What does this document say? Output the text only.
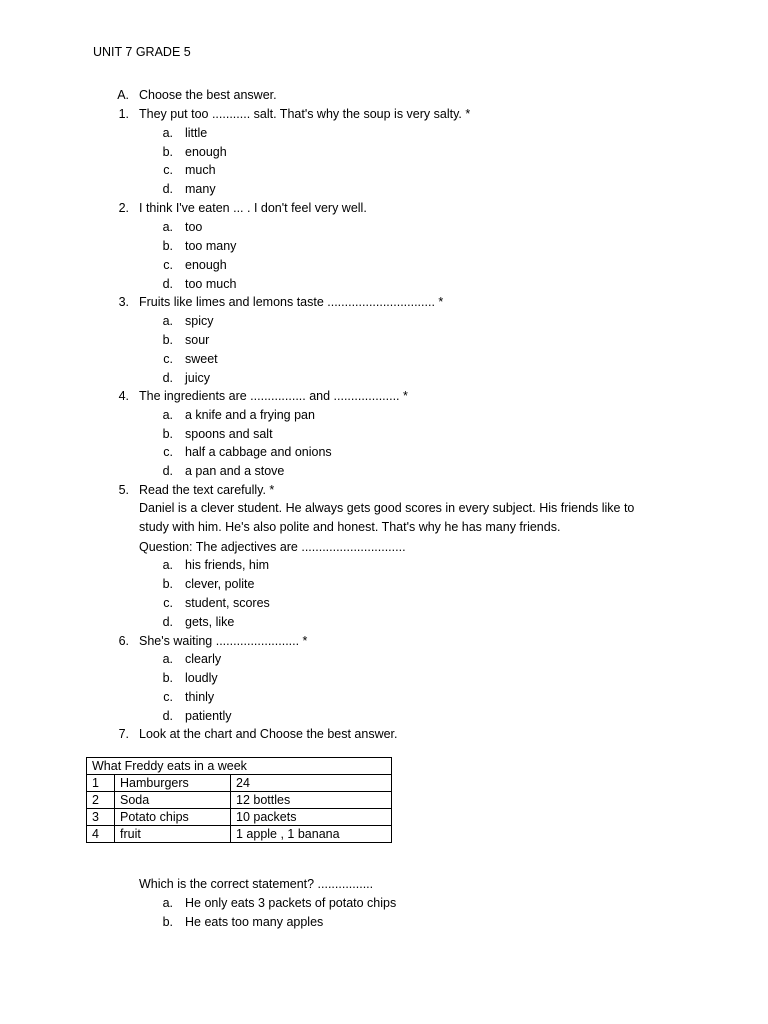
UNIT 7 GRADE 5
A. Choose the best answer.
1. They put too ........... salt. That's why the soup is very salty. *
a. little
b. enough
c. much
d. many
2. I think I've eaten ... . I don't feel very well.
a. too
b. too many
c. enough
d. too much
3. Fruits like limes and lemons taste ............................... *
a. spicy
b. sour
c. sweet
d. juicy
4. The ingredients are ................ and ................... *
a. a knife and a frying pan
b. spoons and salt
c. half a cabbage and onions
d. a pan and a stove
5. Read the text carefully. *
Daniel is a clever student. He always gets good scores in every subject. His friends like to study with him. He's also polite and honest. That's why he has many friends.
Question: The adjectives are ..............................
a. his friends, him
b. clever, polite
c. student, scores
d. gets, like
6. She's waiting ........................ *
a. clearly
b. loudly
c. thinly
d. patiently
7. Look at the chart and Choose the best answer.
What Freddy eats in a week		
1	Hamburgers	24
2	Soda	12 bottles
3	Potato chips	10 packets
4	fruit	1 apple , 1 banana
Which is the correct statement? ................
a. He only eats 3 packets of potato chips
b. He eats too many apples
